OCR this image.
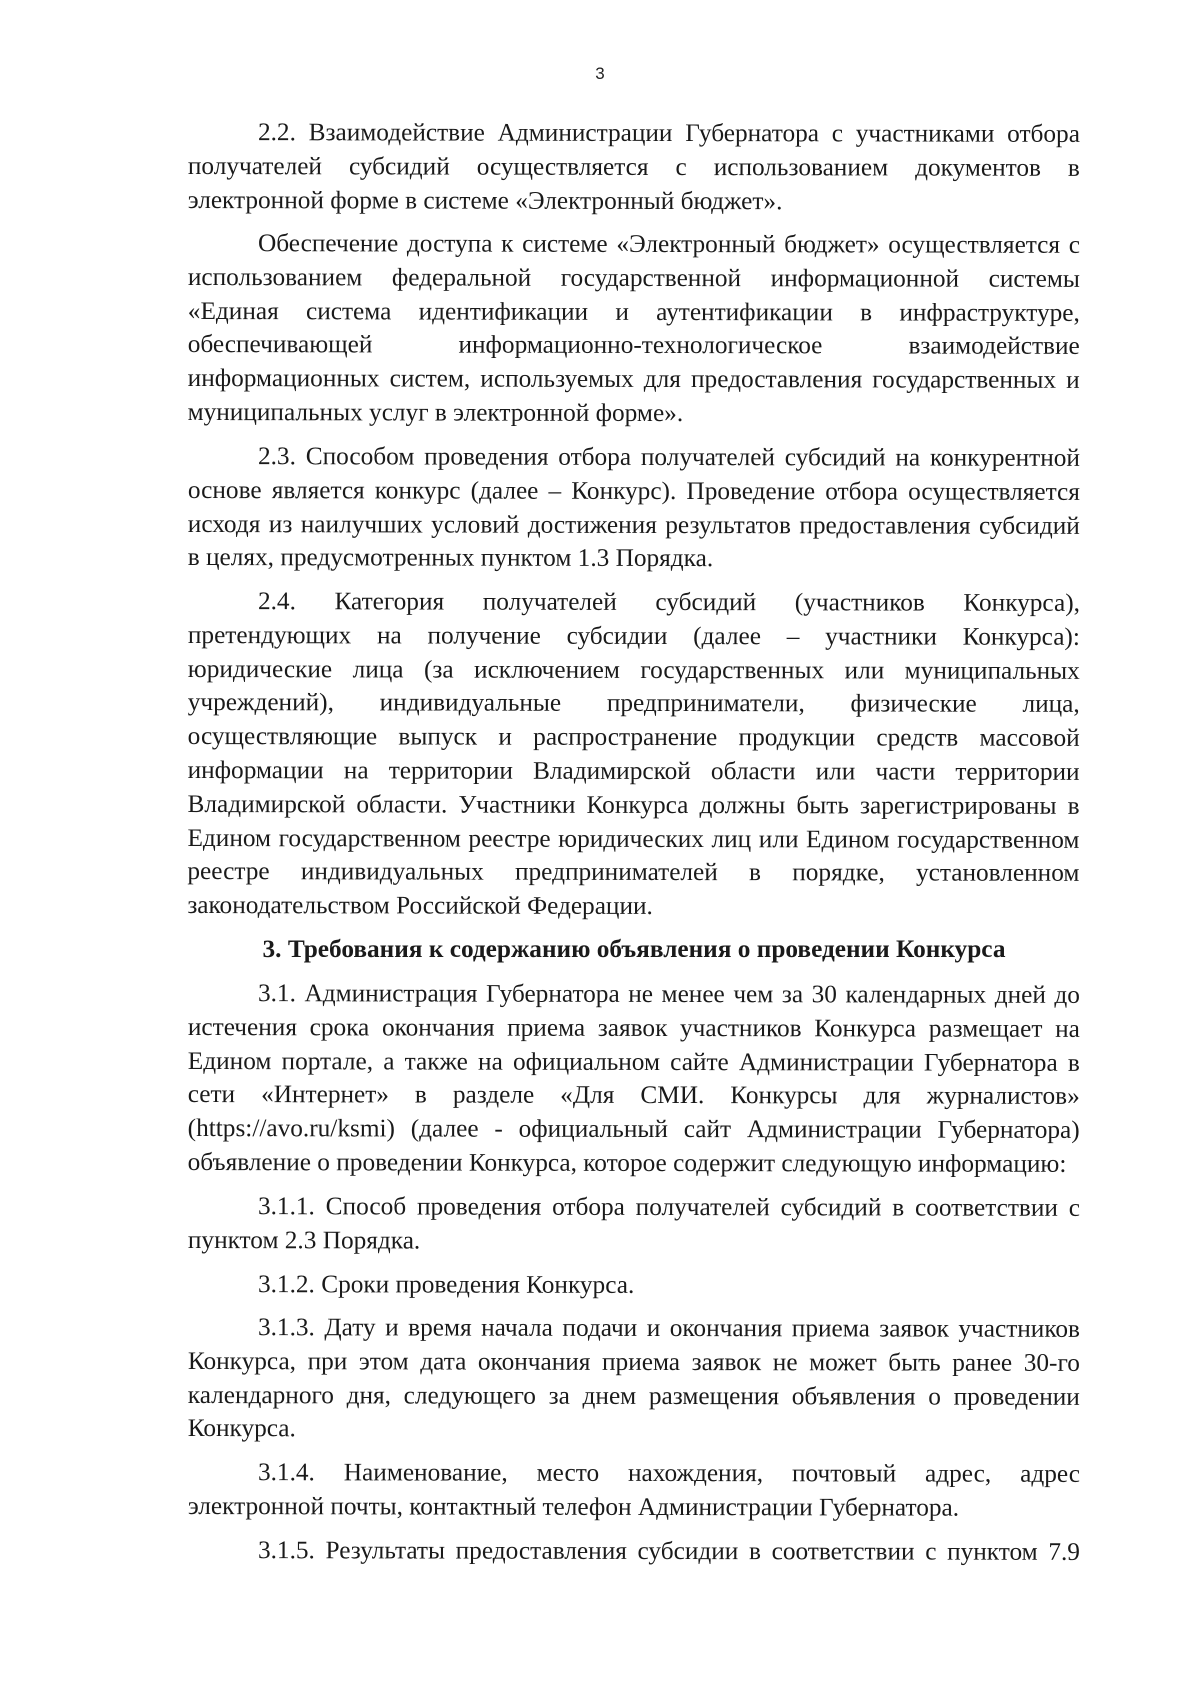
3

2.2. Взаимодействие Администрации Губернатора с участниками отбора получателей субсидий осуществляется с использованием документов в электронной форме в системе «Электронный бюджет».

Обеспечение доступа к системе «Электронный бюджет» осуществляется с использованием федеральной государственной информационной системы «Единая система идентификации и аутентификации в инфраструктуре, обеспечивающей информационно-технологическое взаимодействие информационных систем, используемых для предоставления государственных и муниципальных услуг в электронной форме».

2.3. Способом проведения отбора получателей субсидий на конкурентной основе является конкурс (далее – Конкурс). Проведение отбора осуществляется исходя из наилучших условий достижения результатов предоставления субсидий в целях, предусмотренных пунктом 1.3 Порядка.

2.4. Категория получателей субсидий (участников Конкурса), претендующих на получение субсидии (далее – участники Конкурса): юридические лица (за исключением государственных или муниципальных учреждений), индивидуальные предприниматели, физические лица, осуществляющие выпуск и распространение продукции средств массовой информации на территории Владимирской области или части территории Владимирской области. Участники Конкурса должны быть зарегистрированы в Едином государственном реестре юридических лиц или Едином государственном реестре индивидуальных предпринимателей в порядке, установленном законодательством Российской Федерации.

3. Требования к содержанию объявления о проведении Конкурса

3.1. Администрация Губернатора не менее чем за 30 календарных дней до истечения срока окончания приема заявок участников Конкурса размещает на Едином портале, а также на официальном сайте Администрации Губернатора в сети «Интернет» в разделе «Для СМИ. Конкурсы для журналистов» (https://avo.ru/ksmi) (далее - официальный сайт Администрации Губернатора) объявление о проведении Конкурса, которое содержит следующую информацию:

3.1.1. Способ проведения отбора получателей субсидий в соответствии с пунктом 2.3 Порядка.

3.1.2. Сроки проведения Конкурса.

3.1.3. Дату и время начала подачи и окончания приема заявок участников Конкурса, при этом дата окончания приема заявок не может быть ранее 30-го календарного дня, следующего за днем размещения объявления о проведении Конкурса.

3.1.4. Наименование, место нахождения, почтовый адрес, адрес электронной почты, контактный телефон Администрации Губернатора.

3.1.5. Результаты предоставления субсидии в соответствии с пунктом 7.9
